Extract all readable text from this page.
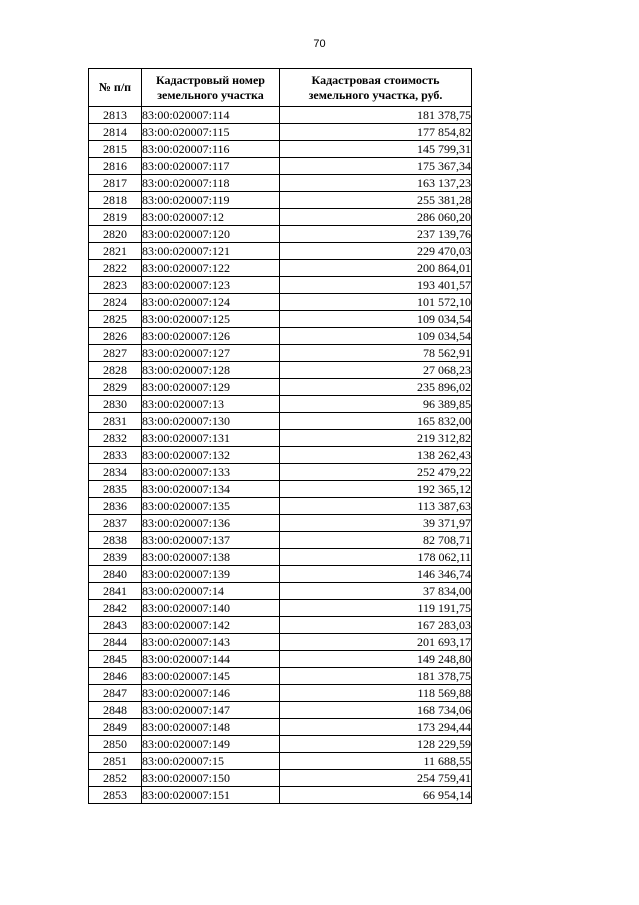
70
№ п/п	Кадастровый номер земельного участка	Кадастровая стоимость земельного участка, руб.
2813	83:00:020007:114	181 378,75
2814	83:00:020007:115	177 854,82
2815	83:00:020007:116	145 799,31
2816	83:00:020007:117	175 367,34
2817	83:00:020007:118	163 137,23
2818	83:00:020007:119	255 381,28
2819	83:00:020007:12	286 060,20
2820	83:00:020007:120	237 139,76
2821	83:00:020007:121	229 470,03
2822	83:00:020007:122	200 864,01
2823	83:00:020007:123	193 401,57
2824	83:00:020007:124	101 572,10
2825	83:00:020007:125	109 034,54
2826	83:00:020007:126	109 034,54
2827	83:00:020007:127	78 562,91
2828	83:00:020007:128	27 068,23
2829	83:00:020007:129	235 896,02
2830	83:00:020007:13	96 389,85
2831	83:00:020007:130	165 832,00
2832	83:00:020007:131	219 312,82
2833	83:00:020007:132	138 262,43
2834	83:00:020007:133	252 479,22
2835	83:00:020007:134	192 365,12
2836	83:00:020007:135	113 387,63
2837	83:00:020007:136	39 371,97
2838	83:00:020007:137	82 708,71
2839	83:00:020007:138	178 062,11
2840	83:00:020007:139	146 346,74
2841	83:00:020007:14	37 834,00
2842	83:00:020007:140	119 191,75
2843	83:00:020007:142	167 283,03
2844	83:00:020007:143	201 693,17
2845	83:00:020007:144	149 248,80
2846	83:00:020007:145	181 378,75
2847	83:00:020007:146	118 569,88
2848	83:00:020007:147	168 734,06
2849	83:00:020007:148	173 294,44
2850	83:00:020007:149	128 229,59
2851	83:00:020007:15	11 688,55
2852	83:00:020007:150	254 759,41
2853	83:00:020007:151	66 954,14
